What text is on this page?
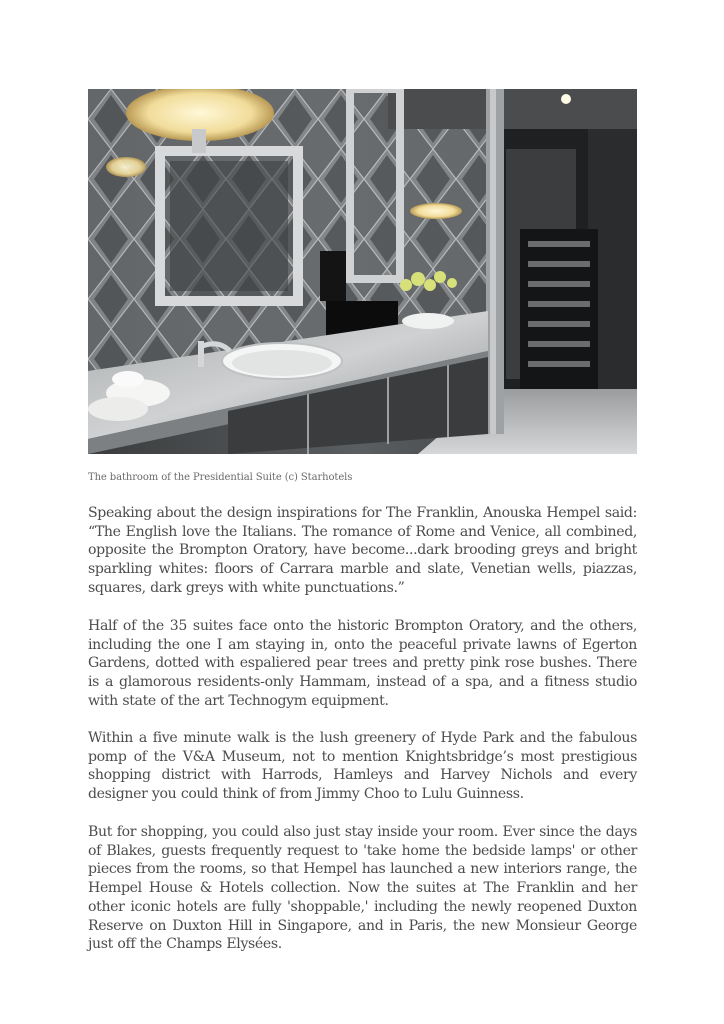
The bathroom of the Presidential Suite (c) Starhotels

Speaking about the design inspirations for The Franklin, Anouska Hempel said: “The English love the Italians. The romance of Rome and Venice, all combined, opposite the Brompton Oratory, have become...dark brooding greys and bright sparkling whites: floors of Carrara marble and slate, Venetian wells, piazzas, squares, dark greys with white punctuations.”

Half of the 35 suites face onto the historic Brompton Oratory, and the others, including the one I am staying in, onto the peaceful private lawns of Egerton Gardens, dotted with espaliered pear trees and pretty pink rose bushes. There is a glamorous residents-only Hammam, instead of a spa, and a fitness studio with state of the art Technogym equipment.

Within a five minute walk is the lush greenery of Hyde Park and the fabulous pomp of the V&A Museum, not to mention Knightsbridge’s most prestigious shopping district with Harrods, Hamleys and Harvey Nichols and every designer you could think of from Jimmy Choo to Lulu Guinness.

But for shopping, you could also just stay inside your room. Ever since the days of Blakes, guests frequently request to 'take home the bedside lamps' or other pieces from the rooms, so that Hempel has launched a new interiors range, the Hempel House & Hotels collection. Now the suites at The Franklin and her other iconic hotels are fully 'shoppable,' including the newly reopened Duxton Reserve on Duxton Hill in Singapore, and in Paris, the new Monsieur George just off the Champs Elysées.
